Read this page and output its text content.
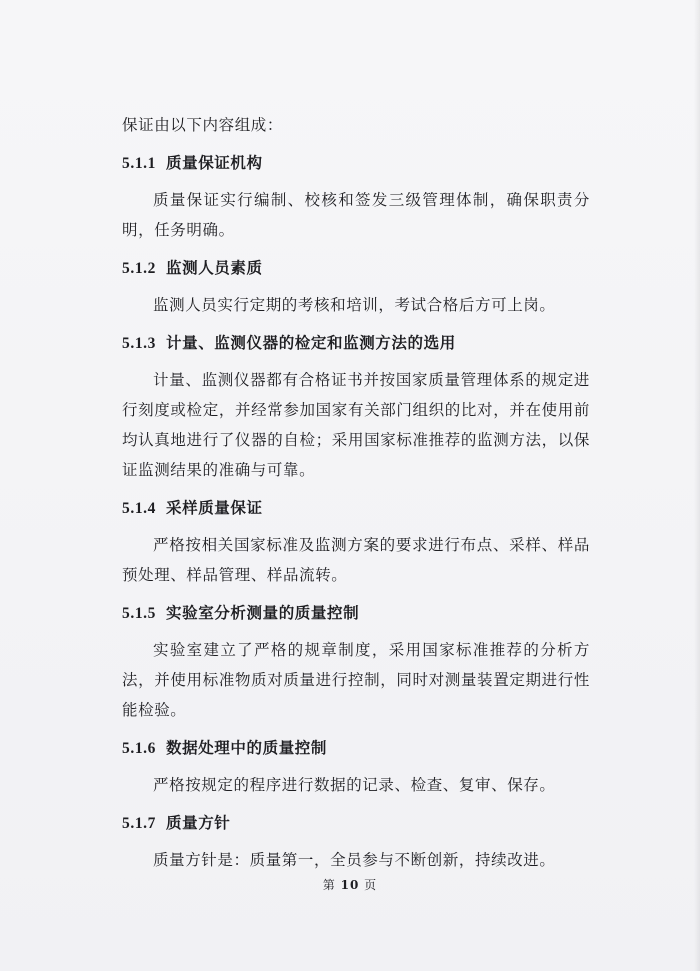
保证由以下内容组成：

5.1.1 质量保证机构

质量保证实行编制、校核和签发三级管理体制，确保职责分明，任务明确。

5.1.2 监测人员素质

监测人员实行定期的考核和培训，考试合格后方可上岗。

5.1.3 计量、监测仪器的检定和监测方法的选用

计量、监测仪器都有合格证书并按国家质量管理体系的规定进行刻度或检定，并经常参加国家有关部门组织的比对，并在使用前均认真地进行了仪器的自检；采用国家标准推荐的监测方法，以保证监测结果的准确与可靠。

5.1.4 采样质量保证

严格按相关国家标准及监测方案的要求进行布点、采样、样品预处理、样品管理、样品流转。

5.1.5 实验室分析测量的质量控制

实验室建立了严格的规章制度，采用国家标准推荐的分析方法，并使用标准物质对质量进行控制，同时对测量装置定期进行性能检验。

5.1.6 数据处理中的质量控制

严格按规定的程序进行数据的记录、检查、复审、保存。

5.1.7 质量方针

质量方针是：质量第一，全员参与不断创新，持续改进。

第 10 页
